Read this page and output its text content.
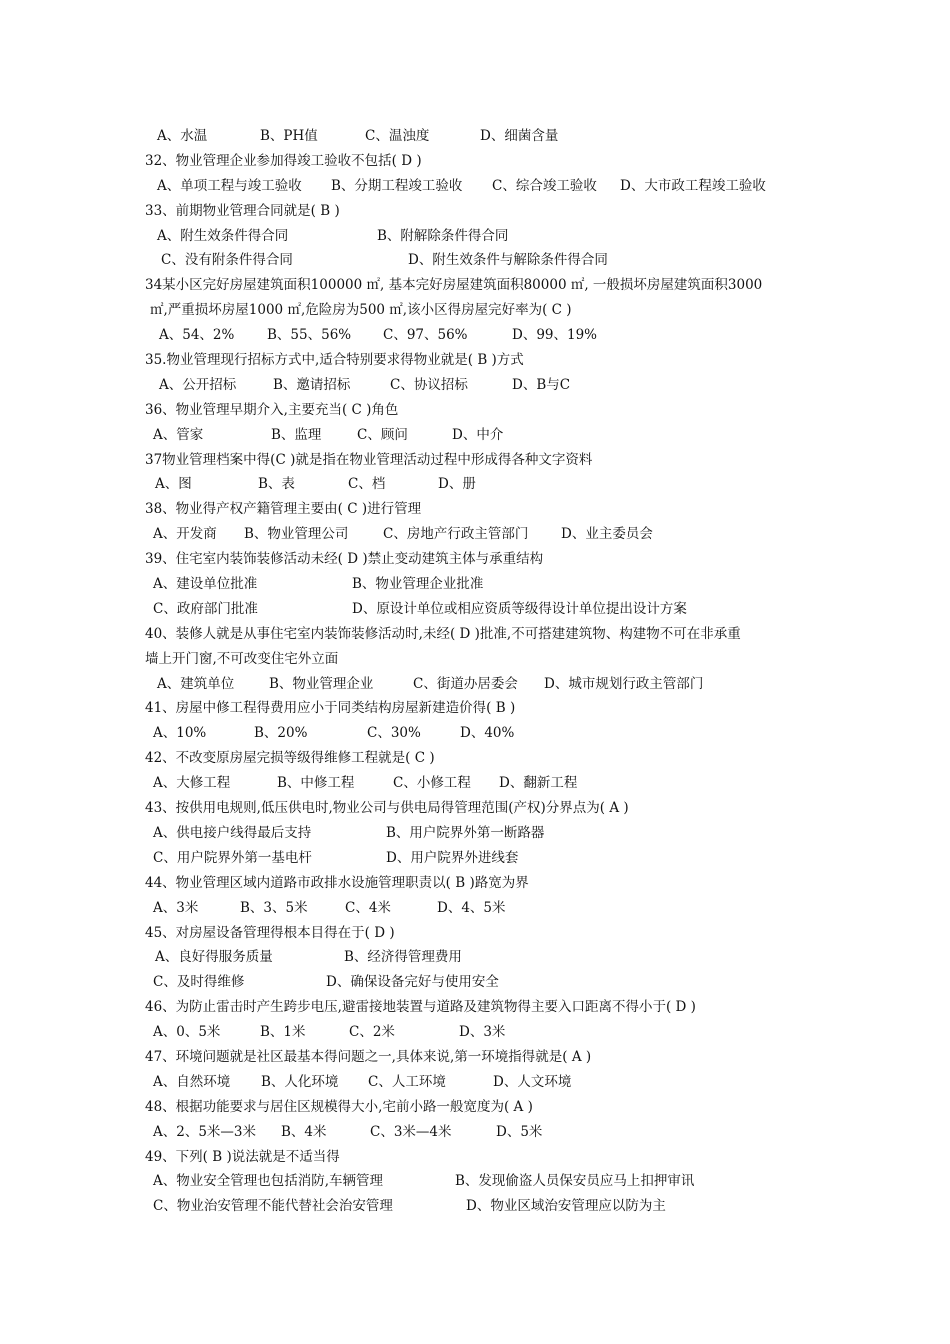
A、水温	B、PH值	C、温浊度	D、细菌含量
32、物业管理企业参加得竣工验收不包括( D )
A、单项工程与竣工验收 B、分期工程竣工验收 C、综合竣工验收 D、大市政工程竣工验收
33、前期物业管理合同就是( B )
A、附生效条件得合同	B、附解除条件得合同
C、没有附条件得合同	D、附生效条件与解除条件得合同
34某小区完好房屋建筑面积100000 ㎡, 基本完好房屋建筑面积80000 ㎡, 一般损坏房屋建筑面积3000
㎡,严重损坏房屋1000 ㎡,危险房为500 ㎡,该小区得房屋完好率为( C )
A、54、2% B、55、56% C、97、56%	D、99、19%
35.物业管理现行招标方式中,适合特别要求得物业就是( B )方式
A、公开招标	B、邀请招标	C、协议招标	D、B与C
36、物业管理早期介入,主要充当( C )角色
A、管家	B、监理	C、顾问	D、中介
37物业管理档案中得(C )就是指在物业管理活动过程中形成得各种文字资料
A、图	B、表	C、档	D、册
38、物业得产权产籍管理主要由( C )进行管理
A、开发商 B、物业管理公司	C、房地产行政主管部门 D、业主委员会
39、住宅室内装饰装修活动未经( D )禁止变动建筑主体与承重结构
A、建设单位批准	B、物业管理企业批准
C、政府部门批准	D、原设计单位或相应资质等级得设计单位提出设计方案
40、装修人就是从事住宅室内装饰装修活动时,未经( D )批准,不可搭建建筑物、构建物不可在非承重
墙上开门窗,不可改变住宅外立面
A、建筑单位	B、物业管理企业	C、街道办居委会 D、城市规划行政主管部门
41、房屋中修工程得费用应小于同类结构房屋新建造价得( B )
A、10%	B、20%	C、30%	D、40%
42、不改变原房屋完损等级得维修工程就是( C )
A、大修工程	B、中修工程	C、小修工程 D、翻新工程
43、按供用电规则,低压供电时,物业公司与供电局得管理范围(产权)分界点为( A )
A、供电接户线得最后支持	B、用户院界外第一断路器
C、用户院界外第一基电杆	D、用户院界外进线套
44、物业管理区域内道路市政排水设施管理职责以( B )路宽为界
A、3米	B、3、5米	C、4米	D、4、5米
45、对房屋设备管理得根本目得在于( D )
A、良好得服务质量	B、经济得管理费用
C、及时得维修	D、确保设备完好与使用安全
46、为防止雷击时产生跨步电压,避雷接地装置与道路及建筑物得主要入口距离不得小于( D )
A、0、5米	B、1米	C、2米	D、3米
47、环境问题就是社区最基本得问题之一,具体来说,第一环境指得就是( A )
A、自然环境 B、人化环境 C、人工环境	D、人文环境
48、根据功能要求与居住区规模得大小,宅前小路一般宽度为( A )
A、2、5米—3米 B、4米	C、3米—4米	D、5米
49、下列( B )说法就是不适当得
A、物业安全管理也包括消防,车辆管理	B、发现偷盗人员保安员应马上扣押审讯
C、物业治安管理不能代替社会治安管理	D、物业区域治安管理应以防为主
